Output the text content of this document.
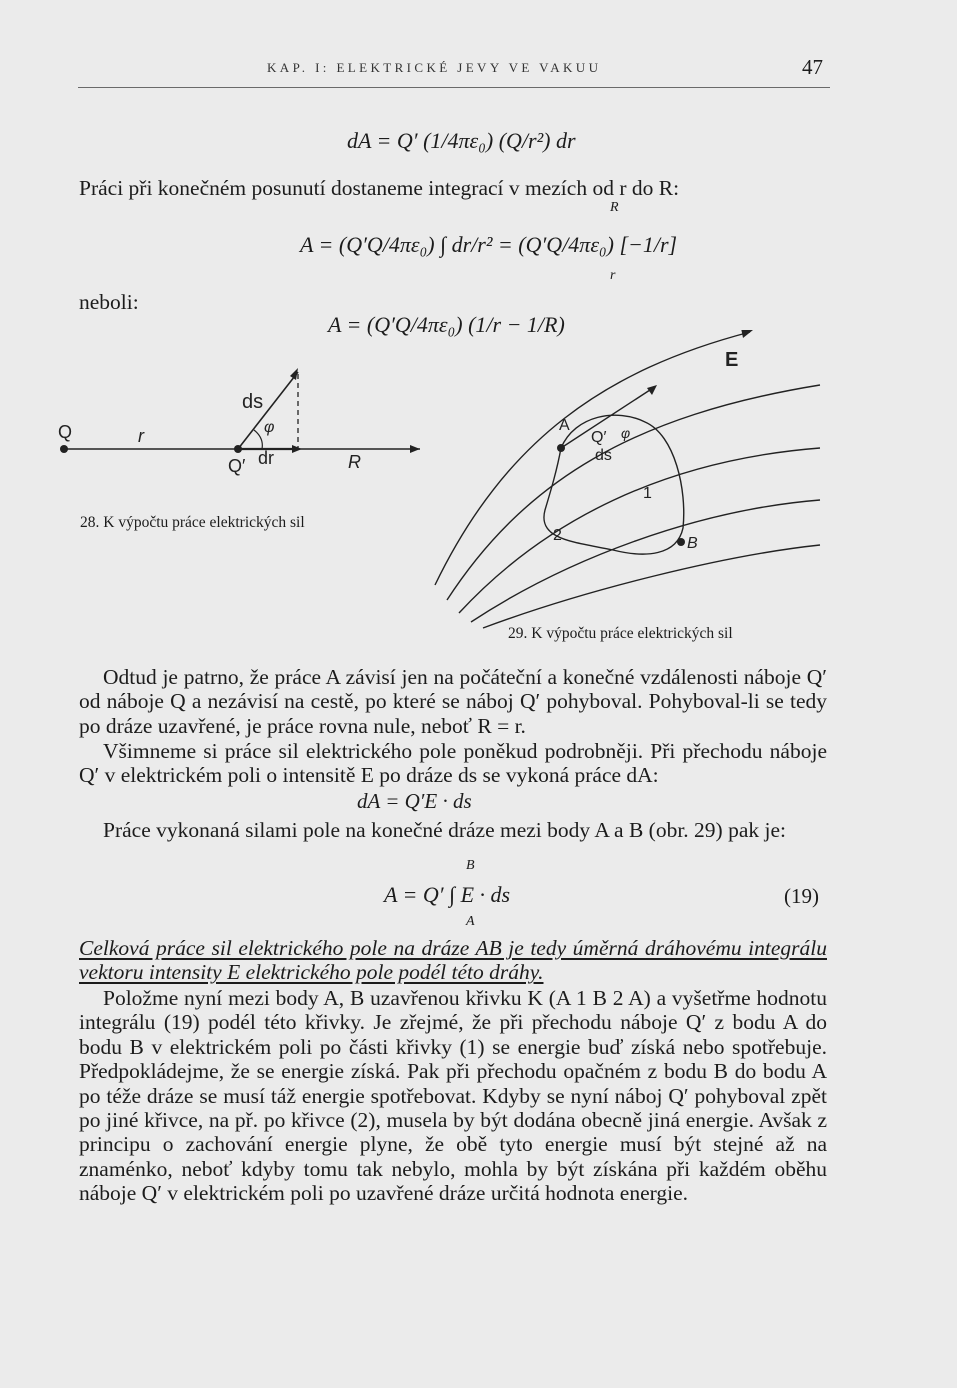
KAP. I: ELEKTRICKÉ JEVY VE VAKUU	47
dA = Q′ (1/4πε₀) (Q/r²) dr
Práci při konečném posunutí dostaneme integrací v mezích od r do R:
R
A = (Q′Q/4πε₀) ∫ dr/r² = (Q′Q/4πε₀) [−1/r]
r
neboli:
A = (Q′Q/4πε₀) (1/r − 1/R)
Q	r
ds
φ
Q′ dr	R
28. K výpočtu práce elektrických sil
E
A
Q′ φ
ds
1
2	B
29. K výpočtu práce elektrických sil

Odtud je patrno, že práce A závisí jen na počáteční a konečné vzdálenosti náboje Q′ od náboje Q a nezávisí na cestě, po které se náboj Q′ pohyboval. Pohyboval-li se tedy po dráze uzavřené, je práce rovna nule, neboť R = r.

Všimneme si práce sil elektrického pole poněkud podrobněji. Při přechodu náboje Q′ v elektrickém poli o intensitě E po dráze ds se vykoná práce dA:

dA = Q′E · ds

Práce vykonaná silami pole na konečné dráze mezi body A a B (obr. 29) pak je:

B
A = Q′ ∫ E · ds
A
(19)
Celková práce sil elektrického pole na dráze AB je tedy úměrná dráhovému integrálu vektoru intensity E elektrického pole podél této dráhy.

Položme nyní mezi body A, B uzavřenou křivku K (A 1 B 2 A) a vyšetřme hodnotu integrálu (19) podél této křivky. Je zřejmé, že při přechodu náboje Q′ z bodu A do bodu B v elektrickém poli po části křivky (1) se energie buď získá nebo spotřebuje. Předpokládejme, že se energie získá. Pak při přechodu opačném z bodu B do bodu A po téže dráze se musí táž energie spotřebovat. Kdyby se nyní náboj Q′ pohyboval zpět po jiné křivce, na př. po křivce (2), musela by být dodána obecně jiná energie. Avšak z principu o zachování energie plyne, že obě tyto energie musí být stejné až na znaménko, neboť kdyby tomu tak nebylo, mohla by být získána při každém oběhu náboje Q′ v elektrickém poli po uzavřené dráze určitá hodnota energie.
